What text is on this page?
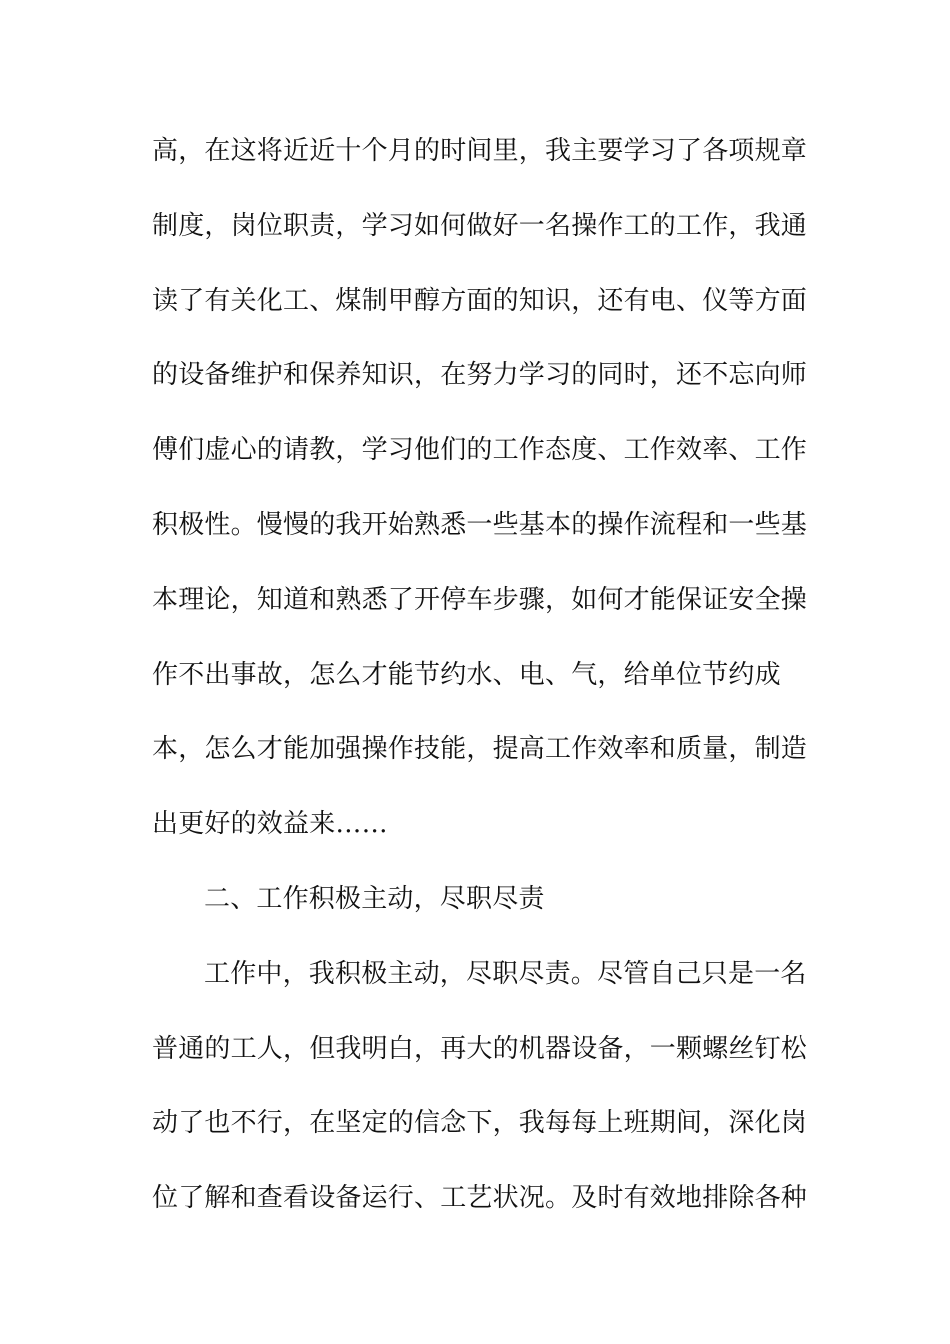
高，在这将近近十个月的时间里，我主要学习了各项规章
制度，岗位职责，学习如何做好一名操作工的工作，我通
读了有关化工、煤制甲醇方面的知识，还有电、仪等方面
的设备维护和保养知识，在努力学习的同时，还不忘向师
傅们虚心的请教，学习他们的工作态度、工作效率、工作
积极性。慢慢的我开始熟悉一些基本的操作流程和一些基
本理论，知道和熟悉了开停车步骤，如何才能保证安全操
作不出事故，怎么才能节约水、电、气，给单位节约成
本，怎么才能加强操作技能，提高工作效率和质量，制造
出更好的效益来……
二、工作积极主动，尽职尽责
工作中，我积极主动，尽职尽责。尽管自己只是一名
普通的工人，但我明白，再大的机器设备，一颗螺丝钉松
动了也不行，在坚定的信念下，我每每上班期间，深化岗
位了解和查看设备运行、工艺状况。及时有效地排除各种
